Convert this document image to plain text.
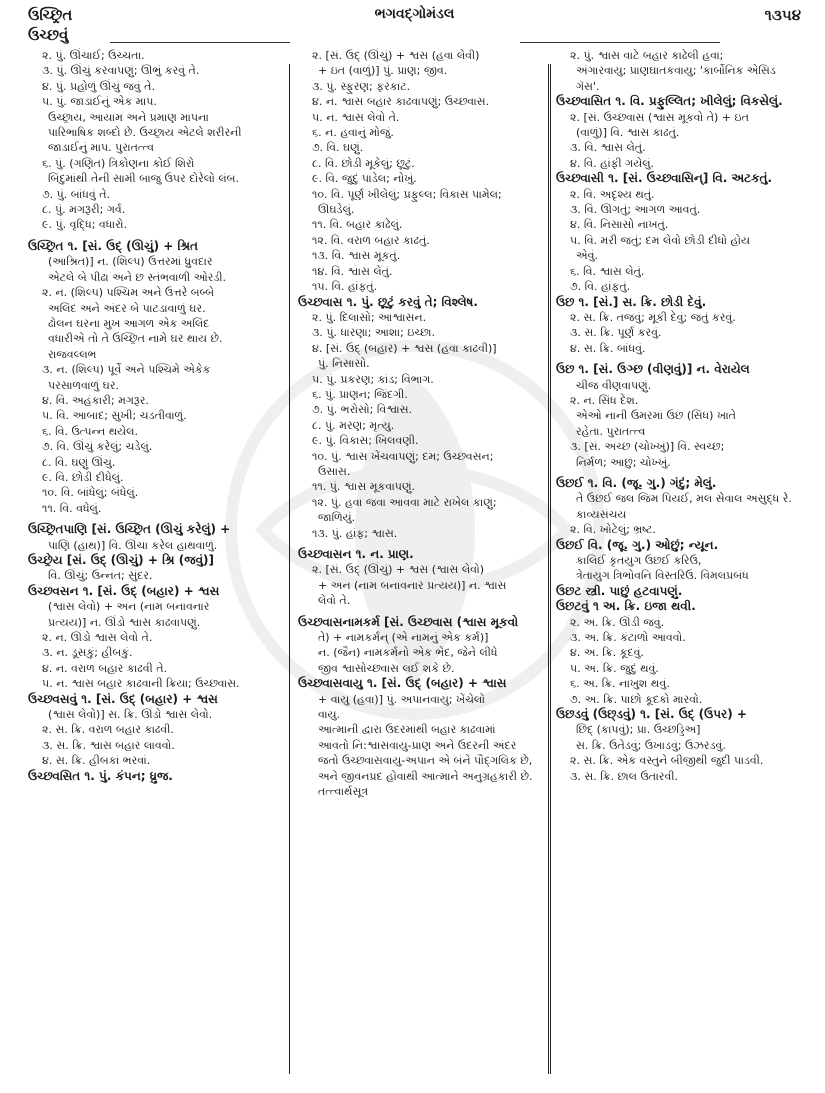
ઉચ્છ્રિત
ઉચ્છવું
ભગવદ્ગોમંડલ	૧૩૫૪
૨. પું. ઊંચાઈ; ઉચ્ચતા.
૩. પું. ઊંચું કરવાપણું; ઊભું કરવું તે.
૪. પું. પ્રહોળું ઊંચું જવું તે.
૫. પું. જાડાઈનું એક માપ.
ઉચ્છ્રાય, આયામ અને પ્રમાણ માપના
પારિભાષિક શબ્દો છે. ઉચ્છ્રાય એટલે શરીરની
જાડાઈનું માપ. પુરાતત્ત્વ
૬. પું. (ગણિત) ત્રિકોણના કોઈ શિરો
બિંદુમાંથી તેની સામી બાજુ ઉપર દોરેલો લંબ.
૭. પું. બાંધવું તે.
૮. પું. મગરૂરી; ગર્વ.
૯. પું. વૃદ્ધિ; વધારો.
ઉચ્છ્રિત ૧. [સં. ઉદ્ (ઊંચું) + શ્રિત
(આશ્રિત)] ન. (શિલ્પ) ઉત્તરમાં ધ્રુવદાર
એટલે બે પીઢા અને છ સ્તંભવાળી ઓરડી.
૨. ન. (શિલ્પ) પશ્ચિમ અને ઉત્તરે બબ્બે
અલિંદ અને અંદર બે પાટડાવાળું ઘર.
ઢોલન ઘરના મુખ આગળ એક અલિંદ
વધારીએ તો તે ઉચ્છ્રિત નામે ઘર થાય છે.
રાજવલ્લભ
૩. ન. (શિલ્પ) પૂર્વે અને પશ્ચિમે એકેક
પરસાળવાળું ઘર.
૪. વિ. અહંકારી; મગરૂર.
૫. વિ. આબાદ; સુખી; ચડતીવાળું.
૬. વિ. ઉત્પન્ન થયેલ.
૭. વિ. ઊંચું કરેલું; ચડેલું.
૮. વિ. ઘણું ઊંચું.
૯. વિ. છોડી દીધેલું.
૧૦. વિ. બાંધેલું; બંધેલું.
૧૧. વિ. વધેલું.
ઉચ્છ્રિતપાણિ [સં. ઉચ્છ્રિત (ઊંચું કરેલું) +
પાણિ (હાથ)] વિ. ઊંચા કરેલ હાથવાળું.
ઉચ્છ્રેય [સં. ઉદ્ (ઊંચું) + શ્રિ (જવું)]
વિ. ઊંચું; ઉન્નત; સુંદર.
ઉચ્છ્વસન ૧. [સં. ઉદ્ (બહાર) + શ્વસ
(શ્વાસ લેવો) + અન (નામ બનાવનાર
પ્રત્યય)] ન. ઊંડો શ્વાસ કાઢવાપણું.
૨. ન. ઊંડો શ્વાસ લેવો તે.
૩. ન. ડૂસકું; હીબકું.
૪. ન. વરાળ બહાર કાઢવી તે.
૫. ન. શ્વાસ બહાર કાઢવાની ક્રિયા; ઉચ્છ્વાસ.
ઉચ્છ્વસવું ૧. [સં. ઉદ્ (બહાર) + શ્વસ
(શ્વાસ લેવો)] સ. ક્રિ. ઊંડો શ્વાસ લેવો.
૨. સ. ક્રિ. વરાળ બહાર કાઢવી.
૩. સ. ક્રિ. શ્વાસ બહાર લાવવો.
૪. સ. ક્રિ. હીબકાં ભરવાં.
ઉચ્છ્વસિત ૧. પું. કંપન; ધ્રુજ.
૨. [સં. ઉદ્ (ઊંચું) + શ્વસ (હવા લેવી)
+ ઇત (વાળું)] પું. પ્રાણ; જીવ.
૩. પું. સ્ફુરણ; ફરકાટ.
૪. ન. શ્વાસ બહાર કાઢવાપણું; ઉચ્છ્વાસ.
૫. ન. શ્વાસ લેવો તે.
૬. ન. હવાનું મોજું.
૭. વિ. ઘણું.
૮. વિ. છોડી મૂકેલું; છૂટું.
૯. વિ. જુદું પાડેલ; નોખું.
૧૦. વિ. પૂર્ણ ખીલેલું; પ્રફુલ્લ; વિકાસ પામેલ;
ઊઘડેલું.
૧૧. વિ. બહાર કાઢેલું.
૧૨. વિ. વરાળ બહાર કાઢતું.
૧૩. વિ. શ્વાસ મૂકતું.
૧૪. વિ. શ્વાસ લેતું.
૧૫. વિ. હાંફતું.
ઉચ્છ્વાસ ૧. પું. છૂટું કરવું તે; વિશ્લેષ.
૨. પું. દિલાસો; આશ્વાસન.
૩. પું. ધારણા; આશા; ઇચ્છા.
૪. [સં. ઉદ્ (બહાર) + શ્વસ (હવા કાઢવી)]
પું. નિસાસો.
૫. પું. પ્રકરણ; કાંડ; વિભાગ.
૬. પું. પ્રાણન; જિંદગી.
૭. પું. ભરોસો; વિશ્વાસ.
૮. પું. મરણ; મૃત્યુ.
૯. પું. વિકાસ; ખિલવણી.
૧૦. પું. શ્વાસ ખેંચવાપણું; દમ; ઉચ્છ્વસન;
ઉસાસ.
૧૧. પું. શ્વાસ મૂકવાપણું.
૧૨. પું. હવા જવા આવવા માટે રાખેલ કાણું;
જાળિયું.
૧૩. પું. હાંફ; શ્વાસ.
ઉચ્છ્વાસન ૧. ન. પ્રાણ.
૨. [સં. ઉદ્ (ઊંચું) + શ્વસ (શ્વાસ લેવો)
+ અન (નામ બનાવનાર પ્રત્યય)] ન. શ્વાસ
લેવો તે.
ઉચ્છ્વાસનામકર્મ [સં. ઉચ્છ્વાસ (શ્વાસ મૂકવો
તે) + નામકર્મન્ (એ નામનું એક કર્મ)]
ન. (જૈન) નામકર્મનો એક ભેદ, જેને લીધે
જીવ શ્વાસોચ્છ્વાસ લઈ શકે છે.
ઉચ્છ્વાસવાયુ ૧. [સં. ઉદ્ (બહાર) + શ્વાસ
+ વાયુ (હવા)] પું. અપાનવાયુ; ખેંચેલો
વાયુ.
આત્માની દ્વારા ઉદરમાંથી બહાર કાઢવામાં
આવતો નિ:શ્વાસવાયુ-પ્રાણ અને ઉદરની અંદર
જતો ઉચ્છ્વાસવાયુ-અપાન એ બંને પૌદ્ગલિક છે,
અને જીવનપ્રદ હોવાથી આત્માને અનુગ્રહકારી છે.
તત્ત્વાર્થસૂત્ર
૨. પું. શ્વાસ વાટે બહાર કાઢેલી હવા;
અંગારવાયુ; પ્રાણઘાતકવાયુ; 'કાર્બોનિક એસિડ
ગૅસ'.
ઉચ્છ્વાસિત ૧. વિ. પ્રફુલ્લિત; ખીલેલું; વિકસેલું.
૨. [સં. ઉચ્છ્વાસ (શ્વાસ મૂકવો તે) + ઇત
(વાળું)] વિ. શ્વાસ કાઢતું.
૩. વિ. શ્વાસ લેતું.
૪. વિ. હાંફી ગયેલું.
ઉચ્છ્વાસી ૧. [સં. ઉચ્છ્વાસિન્] વિ. અટકતું.
૨. વિ. અદૃશ્ય થતું.
૩. વિ. ઊગતું; આગળ આવતું.
૪. વિ. નિસાસો નાખતું.
૫. વિ. મરી જતું; દમ લેવો છોડી દીધો હોય
એવું.
૬. વિ. શ્વાસ લેતું.
૭. વિ. હાંફતું.
ઉછ ૧. [સં.] સ. ક્રિ. છોડી દેવું.
૨. સ. ક્રિ. તજવું; મૂકી દેવું; જતું કરવું.
૩. સ. ક્રિ. પૂર્ણ કરવું.
૪. સ. ક્રિ. બાંધવું.
ઉછ ૧. [સં. ઉઞ્છ (વીણવું)] ન. વેરાયેલ
ચીજ વીણવાપણું.
૨. ન. સિંધ દેશ.
એઓ નાની ઉંમરમાં ઉછ (સિંધ) ખાતે
રહેતા. પુરાતત્ત્વ
૩. [સં. અચ્છ (ચોખ્ખું)] વિ. સ્વચ્છ;
નિર્મળ; આછું; ચોખ્ખું.
ઉછઈ ૧. વિ. (જૂ. ગુ.) ગંદું; મેલું.
તે ઉછઈ જલ જિમ પિયઈ, મલ સેવાલ અસુદ્ધ રે.
કાવ્યસંચય
૨. વિ. ખોટેલું; ભ્રષ્ટ.
ઉછઈ વિ. (જૂ. ગુ.) ઓછું; ન્યૂન.
કાલિઈ કૃતયુગ ઉછઈ કરિઉ,
ત્રેતાયુગ ત્રિભોવનિ વિસ્તરિઉ. વિમલપ્રબંધ
ઉછટ સ્ત્રી. પાછું હટવાપણું.
ઉછટવું ૧ અ. ક્રિ. ઇજા થવી.
૨. અ. ક્રિ. ઊંડી જવું.
૩. અ. ક્રિ. કંટાળો આવવો.
૪. અ. ક્રિ. કૂદવું.
૫. અ. ક્રિ. જુદું થવું.
૬. અ. ક્રિ. નાખુશ થવું.
૭. અ. ક્રિ. પાછો કૂદકો મારવો.
ઉછડવું (ઉછ્ડવું) ૧. [સં. ઉદ્ (ઉપર) +
છિદ્ (કાપવું); પ્રા. ઉચ્છડ્ડિઅ]
સ. ક્રિ. ઉતેડવું; ઉખાડવું; ઉઝરડવું.
૨. સ. ક્રિ. એક વસ્તુને બીજીથી જુદી પાડવી.
૩. સ. ક્રિ. છાલ ઉતારવી.
